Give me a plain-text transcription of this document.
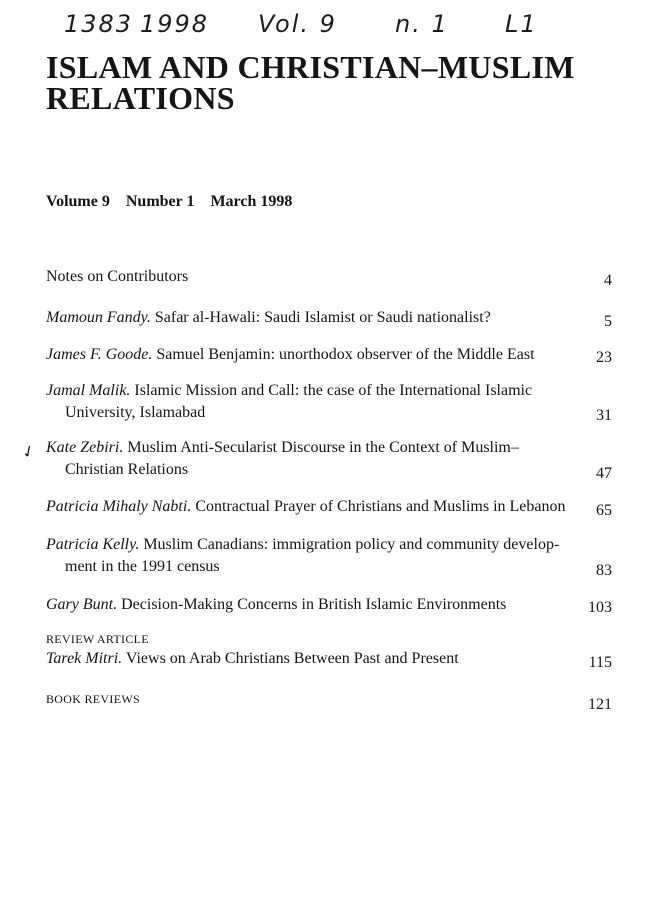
1383 1998 Vol. 9 n. 1 L1
ISLAM AND CHRISTIAN–MUSLIM
RELATIONS
Volume 9 Number 1 March 1998
✓
Notes on Contributors	4
Mamoun Fandy. Safar al-Hawali: Saudi Islamist or Saudi nationalist?	5
James F. Goode. Samuel Benjamin: unorthodox observer of the Middle East	23
Jamal Malik. Islamic Mission and Call: the case of the International Islamic
University, Islamabad	31
Kate Zebiri. Muslim Anti-Secularist Discourse in the Context of Muslim–
Christian Relations	47
Patricia Mihaly Nabti. Contractual Prayer of Christians and Muslims in Lebanon	65
Patricia Kelly. Muslim Canadians: immigration policy and community develop-
ment in the 1991 census	83
Gary Bunt. Decision-Making Concerns in British Islamic Environments	103
REVIEW ARTICLE
Tarek Mitri. Views on Arab Christians Between Past and Present	115
BOOK REVIEWS	121
